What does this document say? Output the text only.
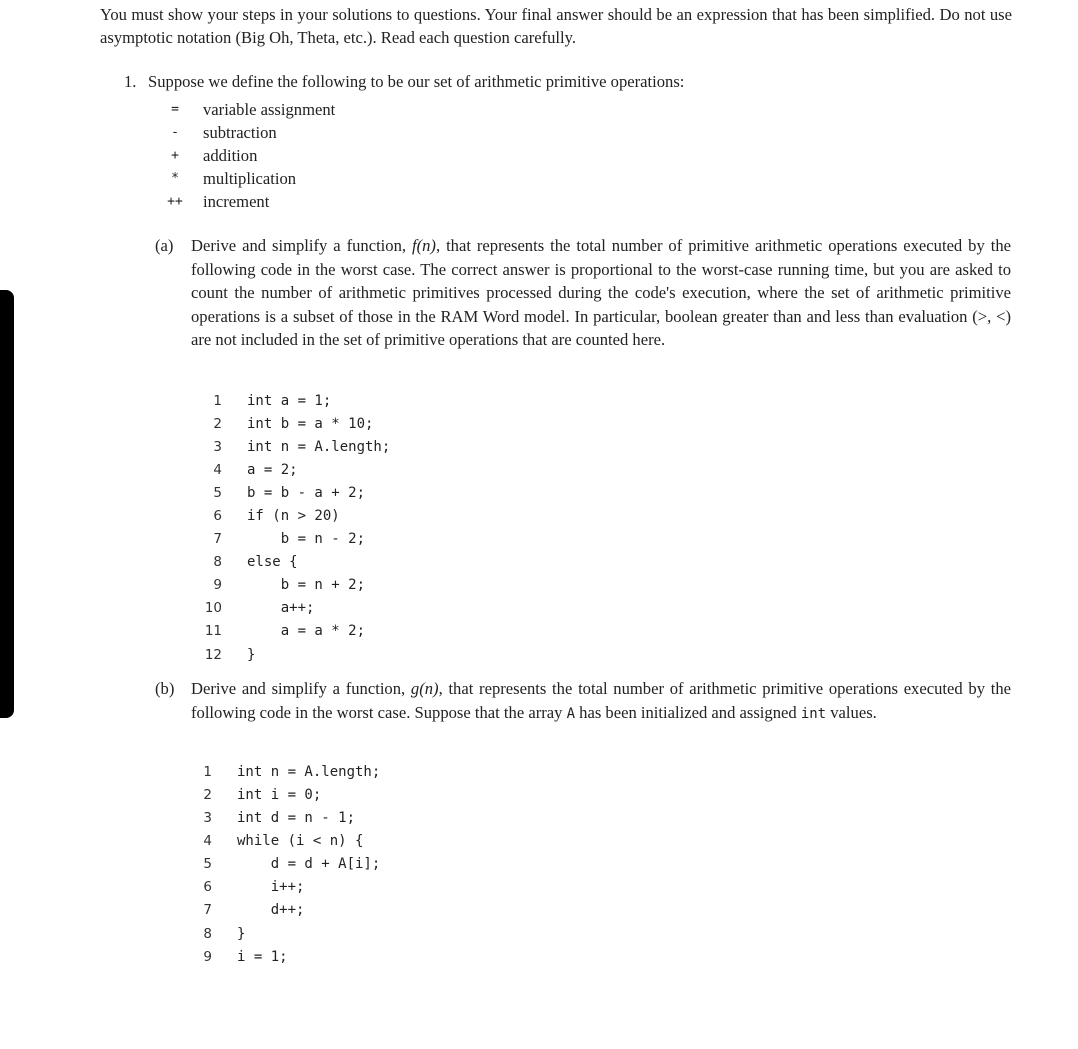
You must show your steps in your solutions to questions. Your final answer should be an expression that has been simplified. Do not use asymptotic notation (Big Oh, Theta, etc.). Read each question carefully.
1. Suppose we define the following to be our set of arithmetic primitive operations:
=	variable assignment
-	subtraction
+	addition
*	multiplication
++	increment
(a) Derive and simplify a function, f(n), that represents the total number of primitive arithmetic operations executed by the following code in the worst case. The correct answer is proportional to the worst-case running time, but you are asked to count the number of arithmetic primitives processed during the code's execution, where the set of arithmetic primitive operations is a subset of those in the RAM Word model. In particular, boolean greater than and less than evaluation (>, <) are not included in the set of primitive operations that are counted here.
1 int a = 1;
2 int b = a * 10;
3 int n = A.length;
4 a = 2;
5 b = b - a + 2;
6 if (n > 20)
7 b = n - 2;
8 else {
9 b = n + 2;
10 a++;
11 a = a * 2;
12 }
(b) Derive and simplify a function, g(n), that represents the total number of arithmetic primitive operations executed by the following code in the worst case. Suppose that the array A has been initialized and assigned int values.
1 int n = A.length;
2 int i = 0;
3 int d = n - 1;
4 while (i < n) {
5 d = d + A[i];
6 i++;
7 d++;
8 }
9 i = 1;
